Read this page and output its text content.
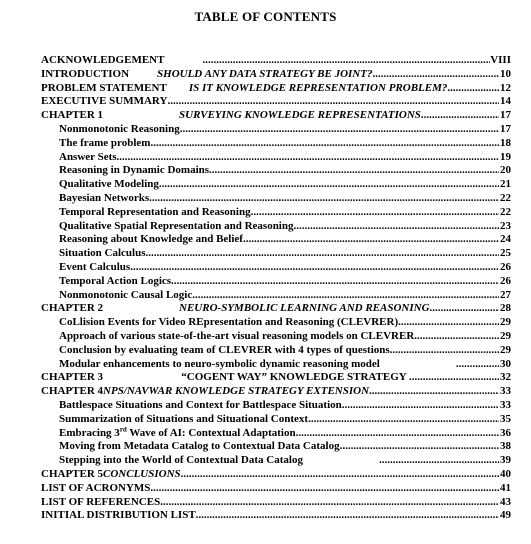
TABLE OF CONTENTS
ACKNOWLEDGEMENT .....	VIII
INTRODUCTION	SHOULD ANY DATA STRATEGY BE JOINT? .....	10
PROBLEM STATEMENT IS IT KNOWLEDGE REPRESENTATION PROBLEM? .....	12
EXECUTIVE SUMMARY .....	14
CHAPTER 1	SURVEYING KNOWLEDGE REPRESENTATIONS .....	17
Nonmonotonic Reasoning .....	17
The frame problem .....	18
Answer Sets .....	19
Reasoning in Dynamic Domains .....	20
Qualitative Modeling .....	21
Bayesian Networks .....	22
Temporal Representation and Reasoning .....	22
Qualitative Spatial Representation and Reasoning .....	23
Reasoning about Knowledge and Belief .....	24
Situation Calculus .....	25
Event Calculus .....	26
Temporal Action Logics .....	26
Nonmonotonic Causal Logic .....	27
CHAPTER 2	NEURO-SYMBOLIC LEARNING AND REASONING .....	28
CoLlision Events for Video REpresentation and Reasoning (CLEVRER) .....	29
Approach of various state-of-the-art visual reasoning models on CLEVRER .....	29
Conclusion by evaluating team of CLEVRER with 4 types of questions .....	29
Modular enhancements to neuro-symbolic dynamic reasoning model .....	30
CHAPTER 3	“COGENT WAY” KNOWLEDGE STRATEGY .....	32
CHAPTER 4 NPS/NAVWAR KNOWLEDGE STRATEGY EXTENSION .....	33
Battlespace Situations and Context for Battlespace Situation .....	33
Summarization of Situations and Situational Context .....	35
Embracing 3rd Wave of AI: Contextual Adaptation .....	36
Moving from Metadata Catalog to Contextual Data Catalog .....	38
Stepping into the World of Contextual Data Catalog .....	39
CHAPTER 5 CONCLUSIONS .....	40
LIST OF ACRONYMS .....	41
LIST OF REFERENCES .....	43
INITIAL DISTRIBUTION LIST .....	49
